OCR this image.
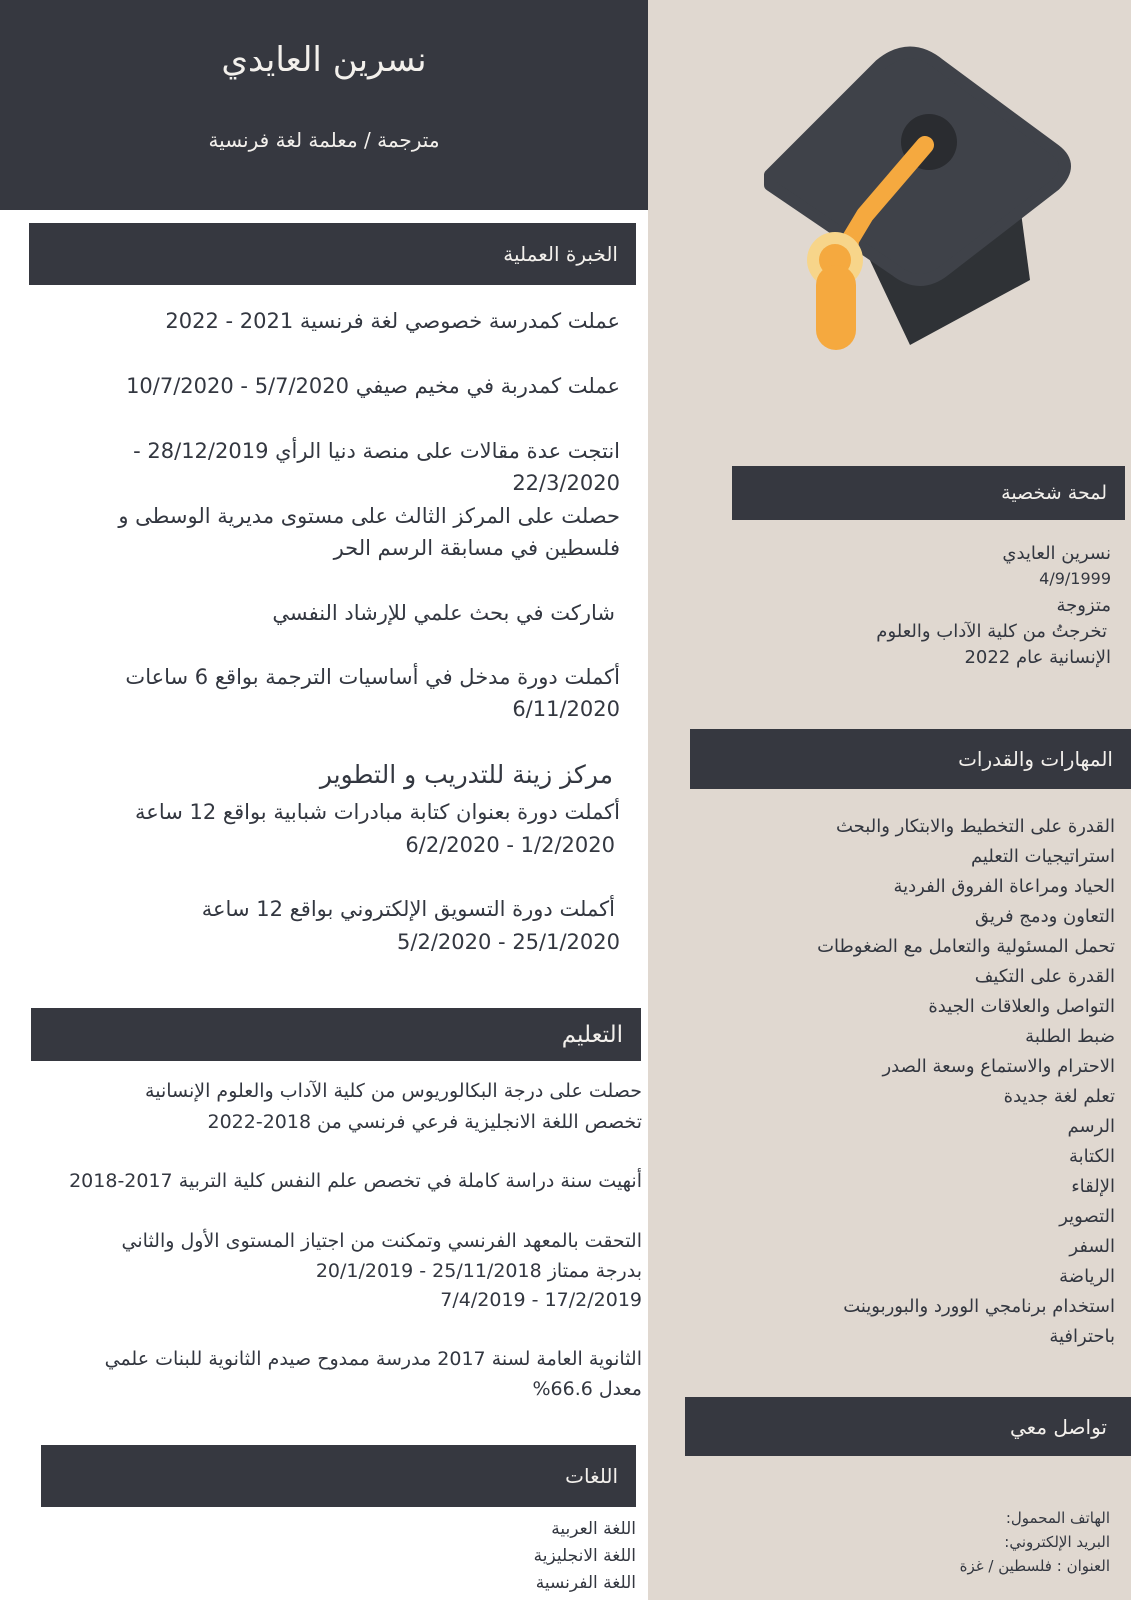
نسرين العايدي
مترجمة / معلمة لغة فرنسية
الخبرة العملية
عملت كمدرسة خصوصي لغة فرنسية 2021 - 2022
عملت كمدربة في مخيم صيفي 5/7/2020 - 10/7/2020
انتجت عدة مقالات على منصة دنيا الرأي 28/12/2019 -
22/3/2020
حصلت على المركز الثالث على مستوى مديرية الوسطى و
فلسطين في مسابقة الرسم الحر
شاركت في بحث علمي للإرشاد النفسي
أكملت دورة مدخل في أساسيات الترجمة بواقع 6 ساعات
6/11/2020
مركز زينة للتدريب و التطوير
أكملت دورة بعنوان كتابة مبادرات شبابية بواقع 12 ساعة
1/2/2020 - 6/2/2020
أكملت دورة التسويق الإلكتروني بواقع 12 ساعة
25/1/2020 - 5/2/2020
التعليم
حصلت على درجة البكالوريوس من كلية الآداب والعلوم الإنسانية
تخصص اللغة الانجليزية فرعي فرنسي من 2018-2022
أنهيت سنة دراسة كاملة في تخصص علم النفس كلية التربية 2017-2018
التحقت بالمعهد الفرنسي وتمكنت من اجتياز المستوى الأول والثاني
بدرجة ممتاز 25/11/2018 - 20/1/2019
17/2/2019 - 7/4/2019
الثانوية العامة لسنة 2017 مدرسة ممدوح صيدم الثانوية للبنات علمي
معدل 66.6%
اللغات
اللغة العربية
اللغة الانجليزية
اللغة الفرنسية
لمحة شخصية
نسرين العايدي
4/9/1999
متزوجة
تخرجتُ من كلية الآداب والعلوم
الإنسانية عام 2022
المهارات والقدرات
القدرة على التخطيط والابتكار والبحث
استراتيجيات التعليم
الحياد ومراعاة الفروق الفردية
التعاون ودمج فريق
تحمل المسئولية والتعامل مع الضغوطات
القدرة على التكيف
التواصل والعلاقات الجيدة
ضبط الطلبة
الاحترام والاستماع وسعة الصدر
تعلم لغة جديدة
الرسم
الكتابة
الإلقاء
التصوير
السفر
الرياضة
استخدام برنامجي الوورد والبوربوينت
باحترافية
تواصل معي
الهاتف المحمول:
البريد الإلكتروني:
العنوان : فلسطين / غزة
